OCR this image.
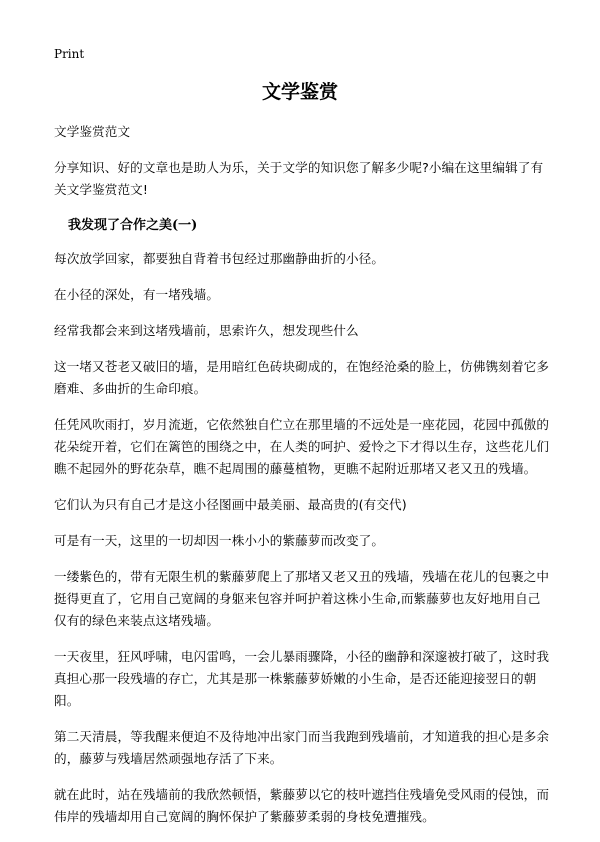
Print
文学鉴赏

文学鉴赏范文

分享知识、好的文章也是助人为乐，关于文学的知识您了解多少呢?小编在这里编辑了有关文学鉴赏范文!

我发现了合作之美(一)

每次放学回家，都要独自背着书包经过那幽静曲折的小径。

在小径的深处，有一堵残墙。

经常我都会来到这堵残墙前，思索许久，想发现些什么

这一堵又苍老又破旧的墙，是用暗红色砖块砌成的，在饱经沧桑的脸上，仿佛镌刻着它多磨难、多曲折的生命印痕。

任凭风吹雨打，岁月流逝，它依然独自伫立在那里墙的不远处是一座花园，花园中孤傲的花朵绽开着，它们在篱笆的围绕之中，在人类的呵护、爱怜之下才得以生存，这些花儿们瞧不起园外的野花杂草，瞧不起周围的藤蔓植物，更瞧不起附近那堵又老又丑的残墙。

它们认为只有自己才是这小径图画中最美丽、最高贵的(有交代)

可是有一天，这里的一切却因一株小小的紫藤萝而改变了。

一缕紫色的，带有无限生机的紫藤萝爬上了那堵又老又丑的残墙，残墙在花儿的包裹之中挺得更直了，它用自己宽阔的身躯来包容并呵护着这株小生命,而紫藤萝也友好地用自己仅有的绿色来装点这堵残墙。

一天夜里，狂风呼啸，电闪雷鸣，一会儿暴雨骤降，小径的幽静和深邃被打破了，这时我真担心那一段残墙的存亡，尤其是那一株紫藤萝娇嫩的小生命，是否还能迎接翌日的朝阳。

第二天清晨，等我醒来便迫不及待地冲出家门而当我跑到残墙前，才知道我的担心是多余的，藤萝与残墙居然顽强地存活了下来。

就在此时，站在残墙前的我欣然顿悟，紫藤萝以它的枝叶遮挡住残墙免受风雨的侵蚀，而伟岸的残墙却用自己宽阔的胸怀保护了紫藤萝柔弱的身枝免遭摧残。
